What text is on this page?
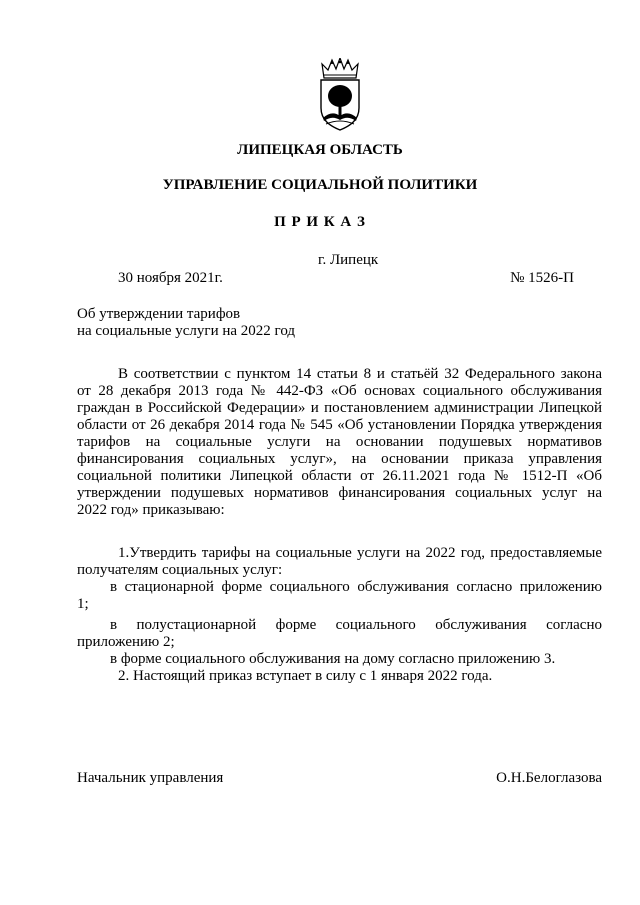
ЛИПЕЦКАЯ ОБЛАСТЬ
УПРАВЛЕНИЕ СОЦИАЛЬНОЙ ПОЛИТИКИ
П Р И К А З
г. Липецк
30 ноября 2021г.	№ 1526-П
Об утверждении тарифов
на социальные услуги на 2022 год
В соответствии с пунктом 14 статьи 8 и статьёй 32 Федерального закона
от 28 декабря 2013 года № 442-ФЗ «Об основах социального обслуживания
граждан в Российской Федерации» и постановлением администрации Липецкой
области от 26 декабря 2014 года № 545 «Об установлении Порядка утверждения
тарифов на социальные услуги на основании подушевых нормативов
финансирования социальных услуг», на основании приказа управления
социальной политики Липецкой области от 26.11.2021 года № 1512-П «Об
утверждении подушевых нормативов финансирования социальных услуг на
2022 год» приказываю:
1.Утвердить тарифы на социальные услуги на 2022 год, предоставляемые
получателям социальных услуг:
в стационарной форме социального обслуживания согласно приложению
1;
в полустационарной форме социального обслуживания согласно
приложению 2;
в форме социального обслуживания на дому согласно приложению 3.
2. Настоящий приказ вступает в силу с 1 января 2022 года.
Начальник управления	О.Н.Белоглазова
